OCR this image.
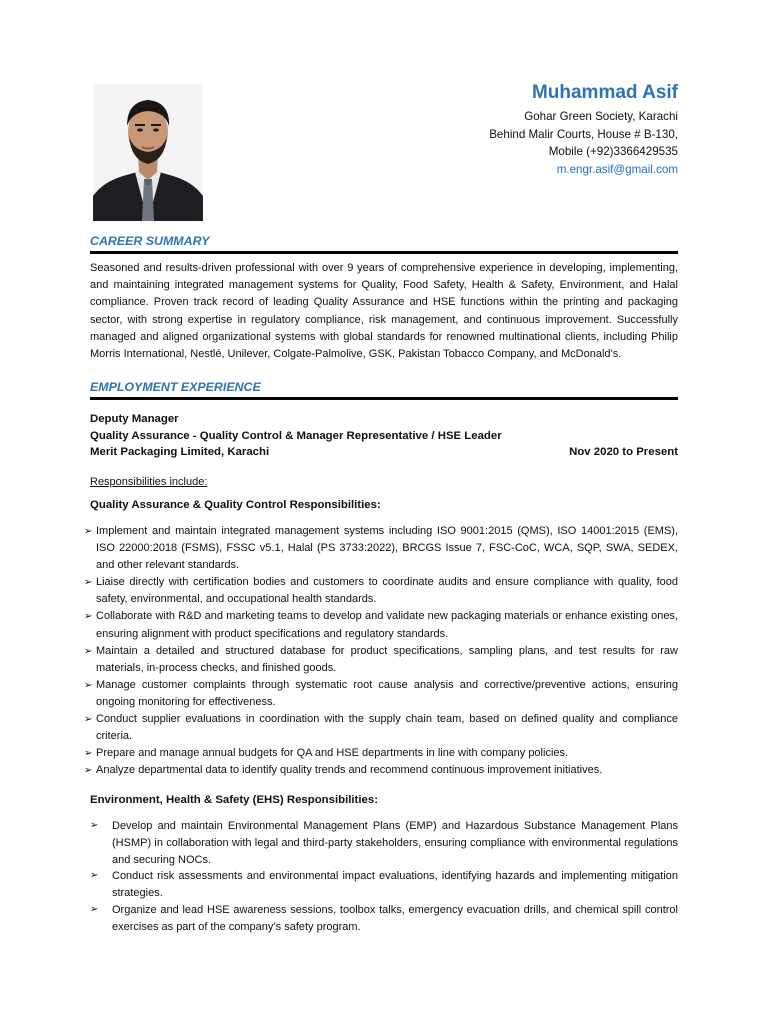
Muhammad Asif
Gohar Green Society, Karachi
Behind Malir Courts, House # B-130,
Mobile (+92)3366429535
m.engr.asif@gmail.com
CAREER SUMMARY
Seasoned and results-driven professional with over 9 years of comprehensive experience in developing, implementing, and maintaining integrated management systems for Quality, Food Safety, Health & Safety, Environment, and Halal compliance. Proven track record of leading Quality Assurance and HSE functions within the printing and packaging sector, with strong expertise in regulatory compliance, risk management, and continuous improvement. Successfully managed and aligned organizational systems with global standards for renowned multinational clients, including Philip Morris International, Nestlé, Unilever, Colgate-Palmolive, GSK, Pakistan Tobacco Company, and McDonald’s.
EMPLOYMENT EXPERIENCE
Deputy Manager
Quality Assurance - Quality Control & Manager Representative / HSE Leader
Merit Packaging Limited, Karachi	Nov 2020 to Present
Responsibilities include:
Quality Assurance & Quality Control Responsibilities:
➢ Implement and maintain integrated management systems including ISO 9001:2015 (QMS), ISO 14001:2015 (EMS), ISO 22000:2018 (FSMS), FSSC v5.1, Halal (PS 3733:2022), BRCGS Issue 7, FSC-CoC, WCA, SQP, SWA, SEDEX, and other relevant standards.
➢ Liaise directly with certification bodies and customers to coordinate audits and ensure compliance with quality, food safety, environmental, and occupational health standards.
➢ Collaborate with R&D and marketing teams to develop and validate new packaging materials or enhance existing ones, ensuring alignment with product specifications and regulatory standards.
➢ Maintain a detailed and structured database for product specifications, sampling plans, and test results for raw materials, in-process checks, and finished goods.
➢ Manage customer complaints through systematic root cause analysis and corrective/preventive actions, ensuring ongoing monitoring for effectiveness.
➢ Conduct supplier evaluations in coordination with the supply chain team, based on defined quality and compliance criteria.
➢ Prepare and manage annual budgets for QA and HSE departments in line with company policies.
➢ Analyze departmental data to identify quality trends and recommend continuous improvement initiatives.
Environment, Health & Safety (EHS) Responsibilities:
➢ Develop and maintain Environmental Management Plans (EMP) and Hazardous Substance Management Plans (HSMP) in collaboration with legal and third-party stakeholders, ensuring compliance with environmental regulations and securing NOCs.
➢ Conduct risk assessments and environmental impact evaluations, identifying hazards and implementing mitigation strategies.
➢ Organize and lead HSE awareness sessions, toolbox talks, emergency evacuation drills, and chemical spill control exercises as part of the company’s safety program.
